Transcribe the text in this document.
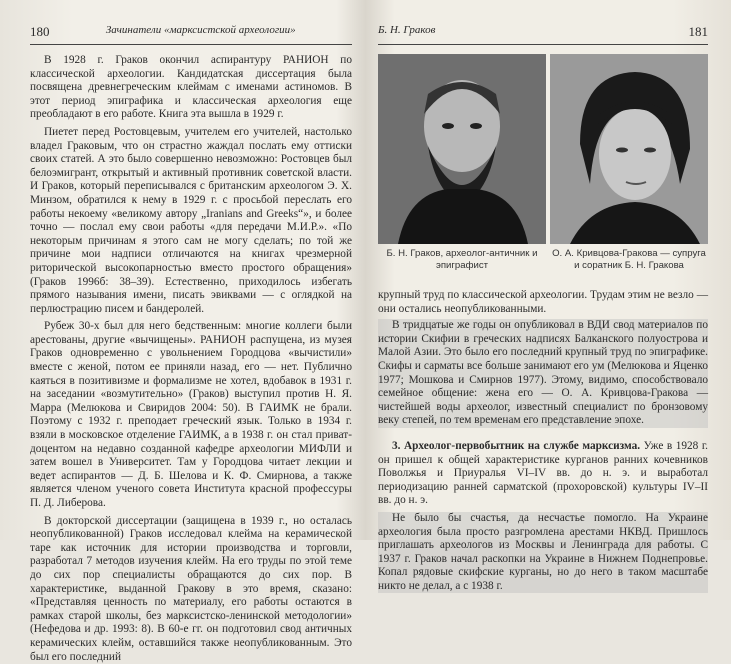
180	Зачинатели «марксистской археологии»

В 1928 г. Граков окончил аспирантуру РАНИОН по классической археологии. Кандидатская диссертация была посвящена древнегреческим клеймам с именами астиномов. В этот период эпиграфика и классическая археология еще преобладают в его работе. Книга эта вышла в 1929 г.

Пиетет перед Ростовцевым, учителем его учителей, настолько владел Граковым, что он страстно жаждал послать ему оттиски своих статей. А это было совершенно невозможно: Ростовцев был белоэмигрант, открытый и активный противник советской власти. И Граков, который переписывался с британским археологом Э. Х. Минзом, обратился к нему в 1929 г. с просьбой переслать его работы некоему «великому автору „Iranians and Greeks“», и более точно — послал ему свои работы «для передачи М.И.Р.». «По некоторым причинам я этого сам не могу сделать; по той же причине мои надписи отличаются на книгах чрезмерной риторической высокопарностью вместо простого обращения» (Граков 1996б: 38–39). Естественно, приходилось избегать прямого называния имени, писать эвиквами — с оглядкой на перлюстрацию писем и бандеролей.

Рубеж 30-х был для него бедственным: многие коллеги были арестованы, другие «вычищены». РАНИОН распущена, из музея Граков одновременно с увольнением Городцова «вычистили» вместе с женой, потом ее приняли назад, его — нет. Публично каяться в позитивизме и формализме не хотел, вдобавок в 1931 г. на заседании «возмутительно» (Граков) выступил против Н. Я. Марра (Мелюкова и Свиридов 2004: 50). В ГАИМК не брали. Поэтому с 1932 г. преподает греческий язык. Только в 1934 г. взяли в московское отделение ГАИМК, а в 1938 г. он стал приват-доцентом на недавно созданной кафедре археологии МИФЛИ и затем вошел в Университет. Там у Городцова читает лекции и ведет аспирантов — Д. Б. Шелова и К. Ф. Смирнова, а также является членом ученого совета Института красной профессуры П. Д. Либерова.

В докторской диссертации (защищена в 1939 г., но осталась неопубликованной) Граков исследовал клейма на керамической таре как источник для истории производства и торговли, разработал 7 методов изучения клейм. На его труды по этой теме до сих пор специалисты обращаются до сих пор. В характеристике, выданной Гракову в это время, сказано: «Представляя ценность по материалу, его работы остаются в рамках старой школы, без марксистско-ленинской методологии» (Нефедова и др. 1993: 8). В 60-е гг. он подготовил свод античных керамических клейм, оставшийся также неопубликованным. Это был его последний

Б. Н. Граков	181
Б. Н. Граков, археолог-античник и эпиграфист
О. А. Кривцова-Гракова — супруга и соратник Б. Н. Гракова

крупный труд по классической археологии. Трудам этим не везло — они остались неопубликованными.

В тридцатые же годы он опубликовал в ВДИ свод материалов по истории Скифии в греческих надписях Балканского полуострова и Малой Азии. Это было его последний крупный труд по эпиграфике. Скифы и сарматы все больше занимают его ум (Мелюкова и Яценко 1977; Мошкова и Смирнов 1977). Этому, видимо, способствовало семейное общение: жена его — О. А. Кривцова-Гракова — чистейшей воды археолог, известный специалист по бронзовому веку степей, по тем временам его представление эпохе.

3. Археолог-первобытник на службе марксизма. Уже в 1928 г. он пришел к общей характеристике курганов ранних кочевников Поволжья и Приуралья VI–IV вв. до н. э. и выработал периодизацию ранней сарматской (прохоровской) культуры IV–II вв. до н. э.

Не было бы счастья, да несчастье помогло. На Украине археология была просто разгромлена арестами НКВД. Пришлось приглашать археологов из Москвы и Ленинграда для работы. С 1937 г. Граков начал раскопки на Украине в Нижнем Поднепровье. Копал рядовые скифские курганы, но до него в таком масштабе никто не делал, а с 1938 г.
